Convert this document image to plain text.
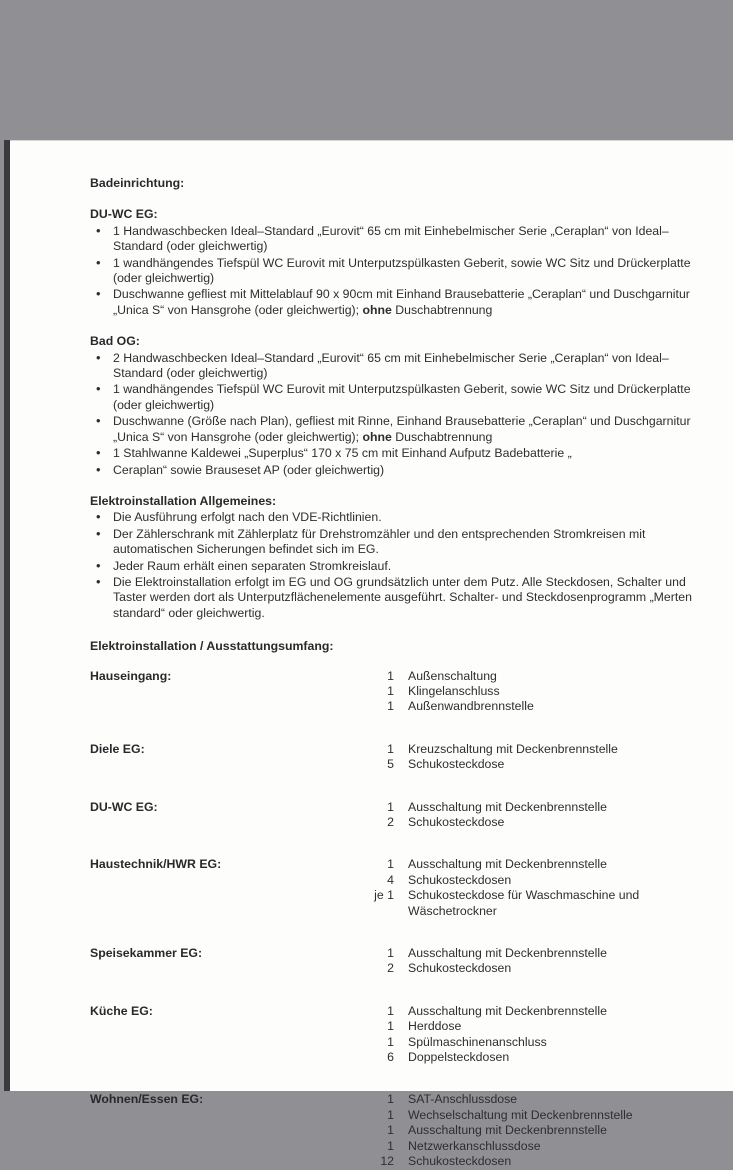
Badeinrichtung:
DU-WC EG:
• 1 Handwaschbecken Ideal–Standard „Eurovit“ 65 cm mit Einhebelmischer Serie „Ceraplan“ von Ideal–Standard (oder gleichwertig)
• 1 wandhängendes Tiefspül WC Eurovit mit Unterputzspülkasten Geberit, sowie WC Sitz und Drückerplatte (oder gleichwertig)
• Duschwanne gefliest mit Mittelablauf 90 x 90cm mit Einhand Brausebatterie „Ceraplan“ und Duschgarnitur „Unica S“ von Hansgrohe (oder gleichwertig); ohne Duschabtrennung
Bad OG:
• 2 Handwaschbecken Ideal–Standard „Eurovit“ 65 cm mit Einhebelmischer Serie „Ceraplan“ von Ideal–Standard (oder gleichwertig)
• 1 wandhängendes Tiefspül WC Eurovit mit Unterputzspülkasten Geberit, sowie WC Sitz und Drückerplatte (oder gleichwertig)
• Duschwanne (Größe nach Plan), gefliest mit Rinne, Einhand Brausebatterie „Ceraplan“ und Duschgarnitur „Unica S“ von Hansgrohe (oder gleichwertig); ohne Duschabtrennung
• 1 Stahlwanne Kaldewei „Superplus“ 170 x 75 cm mit Einhand Aufputz Badebatterie „
• Ceraplan“ sowie Brauseset AP (oder gleichwertig)
Elektroinstallation Allgemeines:
• Die Ausführung erfolgt nach den VDE-Richtlinien.
• Der Zählerschrank mit Zählerplatz für Drehstromzähler und den entsprechenden Stromkreisen mit automatischen Sicherungen befindet sich im EG.
• Jeder Raum erhält einen separaten Stromkreislauf.
• Die Elektroinstallation erfolgt im EG und OG grundsätzlich unter dem Putz. Alle Steckdosen, Schalter und Taster werden dort als Unterputzflächenelemente ausgeführt. Schalter- und Steckdosenprogramm „Merten standard“ oder gleichwertig.
Elektroinstallation / Ausstattungsumfang:
Hauseingang:	1 Außenschaltung
1 Klingelanschluss
1 Außenwandbrennstelle
Diele EG:	1 Kreuzschaltung mit Deckenbrennstelle
5 Schukosteckdose
DU-WC EG:	1 Ausschaltung mit Deckenbrennstelle
2 Schukosteckdose
Haustechnik/HWR EG:	1 Ausschaltung mit Deckenbrennstelle
4 Schukosteckdosen
je 1 Schukosteckdose für Waschmaschine und Wäschetrockner
Speisekammer EG:	1 Ausschaltung mit Deckenbrennstelle
2 Schukosteckdosen
Küche EG:	1 Ausschaltung mit Deckenbrennstelle
1 Herddose
1 Spülmaschinenanschluss
6 Doppelsteckdosen
Wohnen/Essen EG:	1 SAT-Anschlussdose
1 Wechselschaltung mit Deckenbrennstelle
1 Ausschaltung mit Deckenbrennstelle
1 Netzwerkanschlussdose
12 Schukosteckdosen
